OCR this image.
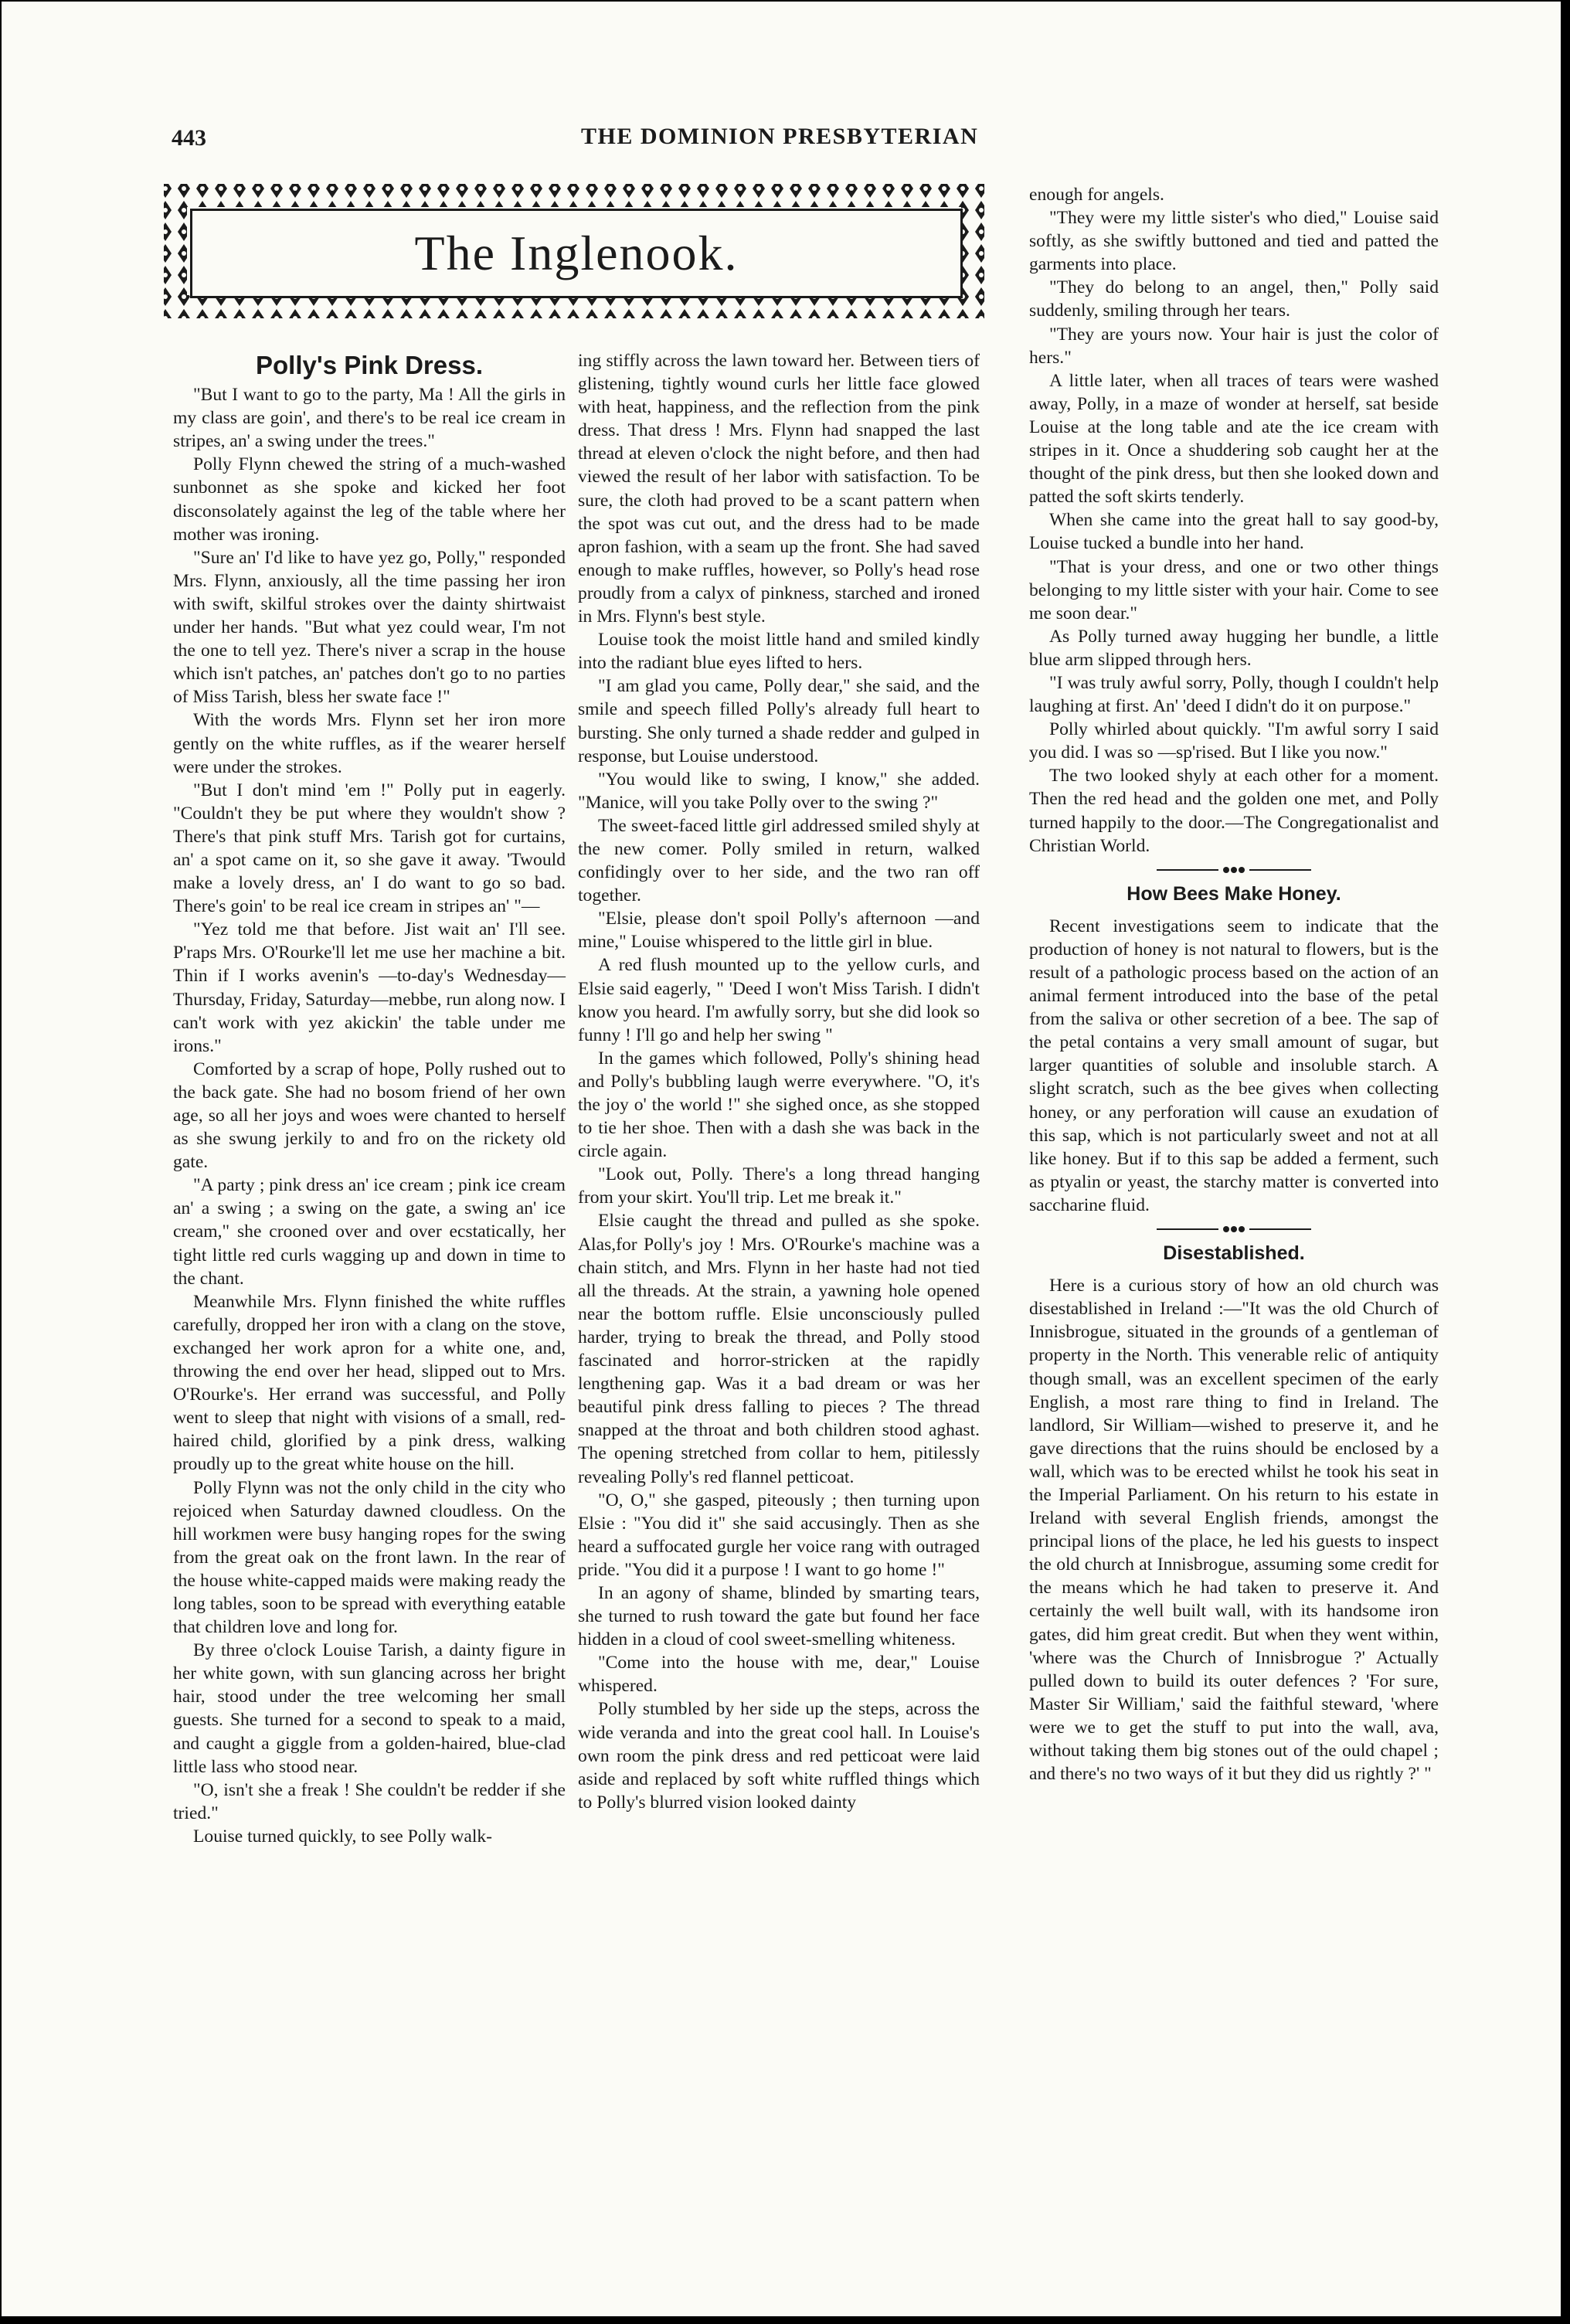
443	THE DOMINION PRESBYTERIAN
The Inglenook.
Polly's Pink Dress.

"But I want to go to the party, Ma ! All the girls in my class are goin', and there's to be real ice cream in stripes, an' a swing under the trees."

Polly Flynn chewed the string of a much-washed sunbonnet as she spoke and kicked her foot disconsolately against the leg of the table where her mother was ironing.

"Sure an' I'd like to have yez go, Polly," responded Mrs. Flynn, anxiously, all the time passing her iron with swift, skilful strokes over the dainty shirtwaist under her hands. "But what yez could wear, I'm not the one to tell yez. There's niver a scrap in the house which isn't patches, an' patches don't go to no parties of Miss Tarish, bless her swate face !"

With the words Mrs. Flynn set her iron more gently on the white ruffles, as if the wearer herself were under the strokes.

"But I don't mind 'em !" Polly put in eagerly. "Couldn't they be put where they wouldn't show ? There's that pink stuff Mrs. Tarish got for curtains, an' a spot came on it, so she gave it away. 'Twould make a lovely dress, an' I do want to go so bad. There's goin' to be real ice cream in stripes an' "—

"Yez told me that before. Jist wait an' I'll see. P'raps Mrs. O'Rourke'll let me use her machine a bit. Thin if I works avenin's —to-day's Wednesday—Thursday, Friday, Saturday—mebbe, run along now. I can't work with yez akickin' the table under me irons."

Comforted by a scrap of hope, Polly rushed out to the back gate. She had no bosom friend of her own age, so all her joys and woes were chanted to herself as she swung jerkily to and fro on the rickety old gate.

"A party ; pink dress an' ice cream ; pink ice cream an' a swing ; a swing on the gate, a swing an' ice cream," she crooned over and over ecstatically, her tight little red curls wagging up and down in time to the chant.

Meanwhile Mrs. Flynn finished the white ruffles carefully, dropped her iron with a clang on the stove, exchanged her work apron for a white one, and, throwing the end over her head, slipped out to Mrs. O'Rourke's. Her errand was successful, and Polly went to sleep that night with visions of a small, red-haired child, glorified by a pink dress, walking proudly up to the great white house on the hill.

Polly Flynn was not the only child in the city who rejoiced when Saturday dawned cloudless. On the hill workmen were busy hanging ropes for the swing from the great oak on the front lawn. In the rear of the house white-capped maids were making ready the long tables, soon to be spread with everything eatable that children love and long for.

By three o'clock Louise Tarish, a dainty figure in her white gown, with sun glancing across her bright hair, stood under the tree welcoming her small guests. She turned for a second to speak to a maid, and caught a giggle from a golden-haired, blue-clad little lass who stood near.

"O, isn't she a freak ! She couldn't be redder if she tried."

Louise turned quickly, to see Polly walk-

ing stiffly across the lawn toward her. Between tiers of glistening, tightly wound curls her little face glowed with heat, happiness, and the reflection from the pink dress. That dress ! Mrs. Flynn had snapped the last thread at eleven o'clock the night before, and then had viewed the result of her labor with satisfaction. To be sure, the cloth had proved to be a scant pattern when the spot was cut out, and the dress had to be made apron fashion, with a seam up the front. She had saved enough to make ruffles, however, so Polly's head rose proudly from a calyx of pinkness, starched and ironed in Mrs. Flynn's best style.

Louise took the moist little hand and smiled kindly into the radiant blue eyes lifted to hers.

"I am glad you came, Polly dear," she said, and the smile and speech filled Polly's already full heart to bursting. She only turned a shade redder and gulped in response, but Louise understood.

"You would like to swing, I know," she added. "Manice, will you take Polly over to the swing ?"

The sweet-faced little girl addressed smiled shyly at the new comer. Polly smiled in return, walked confidingly over to her side, and the two ran off together.

"Elsie, please don't spoil Polly's afternoon —and mine," Louise whispered to the little girl in blue.

A red flush mounted up to the yellow curls, and Elsie said eagerly, " 'Deed I won't Miss Tarish. I didn't know you heard. I'm awfully sorry, but she did look so funny ! I'll go and help her swing "

In the games which followed, Polly's shining head and Polly's bubbling laugh werre everywhere. "O, it's the joy o' the world !" she sighed once, as she stopped to tie her shoe. Then with a dash she was back in the circle again.

"Look out, Polly. There's a long thread hanging from your skirt. You'll trip. Let me break it."

Elsie caught the thread and pulled as she spoke. Alas,for Polly's joy ! Mrs. O'Rourke's machine was a chain stitch, and Mrs. Flynn in her haste had not tied all the threads. At the strain, a yawning hole opened near the bottom ruffle. Elsie unconsciously pulled harder, trying to break the thread, and Polly stood fascinated and horror-stricken at the rapidly lengthening gap. Was it a bad dream or was her beautiful pink dress falling to pieces ? The thread snapped at the throat and both children stood aghast. The opening stretched from collar to hem, pitilessly revealing Polly's red flannel petticoat.

"O, O," she gasped, piteously ; then turning upon Elsie : "You did it" she said accusingly. Then as she heard a suffocated gurgle her voice rang with outraged pride. "You did it a purpose ! I want to go home !"

In an agony of shame, blinded by smarting tears, she turned to rush toward the gate but found her face hidden in a cloud of cool sweet-smelling whiteness.

"Come into the house with me, dear," Louise whispered.

Polly stumbled by her side up the steps, across the wide veranda and into the great cool hall. In Louise's own room the pink dress and red petticoat were laid aside and replaced by soft white ruffled things which to Polly's blurred vision looked dainty

enough for angels.

"They were my little sister's who died," Louise said softly, as she swiftly buttoned and tied and patted the garments into place.

"They do belong to an angel, then," Polly said suddenly, smiling through her tears.

"They are yours now. Your hair is just the color of hers."

A little later, when all traces of tears were washed away, Polly, in a maze of wonder at herself, sat beside Louise at the long table and ate the ice cream with stripes in it. Once a shuddering sob caught her at the thought of the pink dress, but then she looked down and patted the soft skirts tenderly.

When she came into the great hall to say good-by, Louise tucked a bundle into her hand.

"That is your dress, and one or two other things belonging to my little sister with your hair. Come to see me soon dear."

As Polly turned away hugging her bundle, a little blue arm slipped through hers.

"I was truly awful sorry, Polly, though I couldn't help laughing at first. An' 'deed I didn't do it on purpose."

Polly whirled about quickly. "I'm awful sorry I said you did. I was so —sp'rised. But I like you now."

The two looked shyly at each other for a moment. Then the red head and the golden one met, and Polly turned happily to the door.—The Congregationalist and Christian World.

How Bees Make Honey.

Recent investigations seem to indicate that the production of honey is not natural to flowers, but is the result of a pathologic process based on the action of an animal ferment introduced into the base of the petal from the saliva or other secretion of a bee. The sap of the petal contains a very small amount of sugar, but larger quantities of soluble and insoluble starch. A slight scratch, such as the bee gives when collecting honey, or any perforation will cause an exudation of this sap, which is not particularly sweet and not at all like honey. But if to this sap be added a ferment, such as ptyalin or yeast, the starchy matter is converted into saccharine fluid.

Disestablished.

Here is a curious story of how an old church was disestablished in Ireland :—"It was the old Church of Innisbrogue, situated in the grounds of a gentleman of property in the North. This venerable relic of antiquity though small, was an excellent specimen of the early English, a most rare thing to find in Ireland. The landlord, Sir William—wished to preserve it, and he gave directions that the ruins should be enclosed by a wall, which was to be erected whilst he took his seat in the Imperial Parliament. On his return to his estate in Ireland with several English friends, amongst the principal lions of the place, he led his guests to inspect the old church at Innisbrogue, assuming some credit for the means which he had taken to preserve it. And certainly the well built wall, with its handsome iron gates, did him great credit. But when they went within, 'where was the Church of Innisbrogue ?' Actually pulled down to build its outer defences ? 'For sure, Master Sir William,' said the faithful steward, 'where were we to get the stuff to put into the wall, ava, without taking them big stones out of the ould chapel ; and there's no two ways of it but they did us rightly ?' "
